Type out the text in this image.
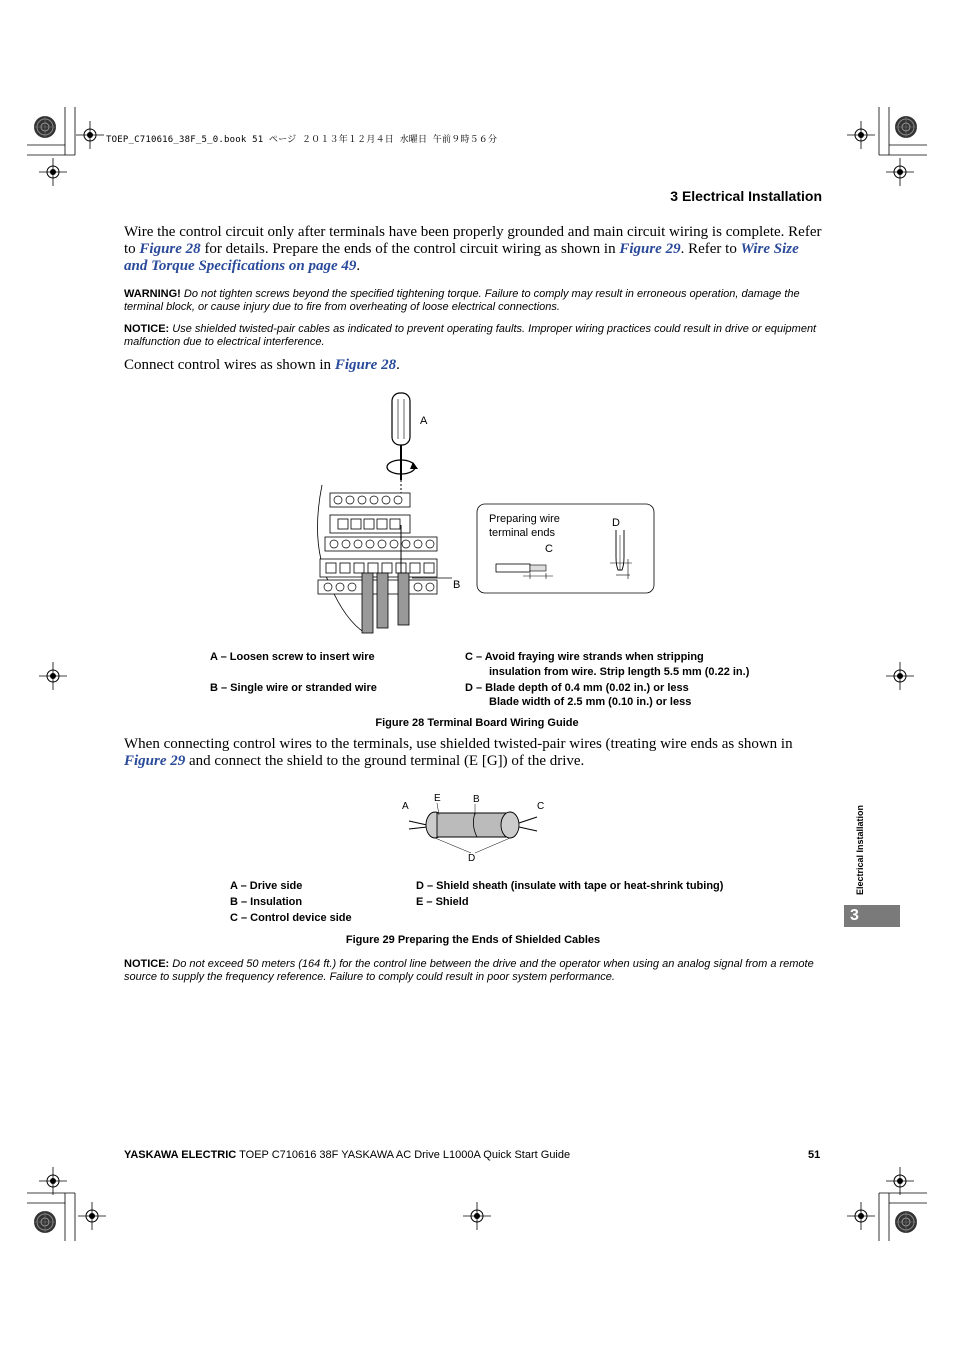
TOEP_C710616_38F_5_0.book 51 ページ ２０１３年１２月４日 水曜日 午前９時５６分
3 Electrical Installation
Wire the control circuit only after terminals have been properly grounded and main circuit wiring is complete. Refer to Figure 28 for details. Prepare the ends of the control circuit wiring as shown in Figure 29. Refer to Wire Size and Torque Specifications on page 49.
WARNING! Do not tighten screws beyond the specified tightening torque. Failure to comply may result in erroneous operation, damage the terminal block, or cause injury due to fire from overheating of loose electrical connections.
NOTICE: Use shielded twisted-pair cables as indicated to prevent operating faults. Improper wiring practices could result in drive or equipment malfunction due to electrical interference.
Connect control wires as shown in Figure 28.
A
B
Preparing wire
terminal ends
C
D
A – Loosen screw to insert wire
B – Single wire or stranded wire
C – Avoid fraying wire strands when stripping
insulation from wire. Strip length 5.5 mm (0.22 in.)
D – Blade depth of 0.4 mm (0.02 in.) or less
Blade width of 2.5 mm (0.10 in.) or less
Figure 28 Terminal Board Wiring Guide
When connecting control wires to the terminals, use shielded twisted-pair wires (treating wire ends as shown in Figure 29 and connect the shield to the ground terminal (E [G]) of the drive.
A
E	B
C
D
A – Drive side
B – Insulation
C – Control device side
D – Shield sheath (insulate with tape or heat-shrink tubing)
E – Shield
Figure 29 Preparing the Ends of Shielded Cables
NOTICE: Do not exceed 50 meters (164 ft.) for the control line between the drive and the operator when using an analog signal from a remote source to supply the frequency reference. Failure to comply could result in poor system performance.
Electrical Installation
3
YASKAWA ELECTRIC TOEP C710616 38F YASKAWA AC Drive L1000A Quick Start Guide	51
